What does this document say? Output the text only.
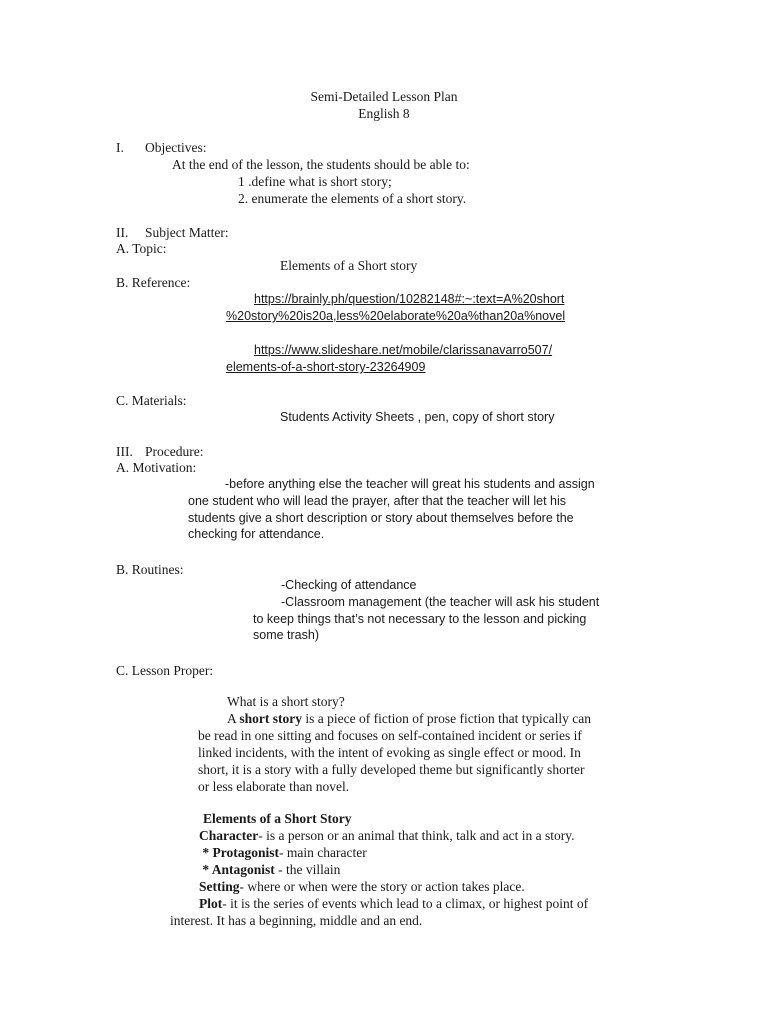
Semi-Detailed Lesson Plan
English 8
I. Objectives:
At the end of the lesson, the students should be able to:
1 .define what is short story;
2. enumerate the elements of a short story.
II. Subject Matter:
A. Topic:
Elements of a Short story
B. Reference:
https://brainly.ph/question/10282148#:~:text=A%20short
%20story%20is20a,less%20elaborate%20a%than20a%novel
https://www.slideshare.net/mobile/clarissanavarro507/
elements-of-a-short-story-23264909
C. Materials:
Students Activity Sheets , pen, copy of short story
III. Procedure:
A. Motivation:
-before anything else the teacher will great his students and assign
one student who will lead the prayer, after that the teacher will let his
students give a short description or story about themselves before the
checking for attendance.
B. Routines:
-Checking of attendance
-Classroom management (the teacher will ask his student
to keep things that’s not necessary to the lesson and picking
some trash)
C. Lesson Proper:
What is a short story?
A short story is a piece of fiction of prose fiction that typically can
be read in one sitting and focuses on self-contained incident or series if
linked incidents, with the intent of evoking as single effect or mood. In
short, it is a story with a fully developed theme but significantly shorter
or less elaborate than novel.
Elements of a Short Story
Character- is a person or an animal that think, talk and act in a story.
* Protagonist- main character
* Antagonist - the villain
Setting- where or when were the story or action takes place.
Plot- it is the series of events which lead to a climax, or highest point of
interest. It has a beginning, middle and an end.
